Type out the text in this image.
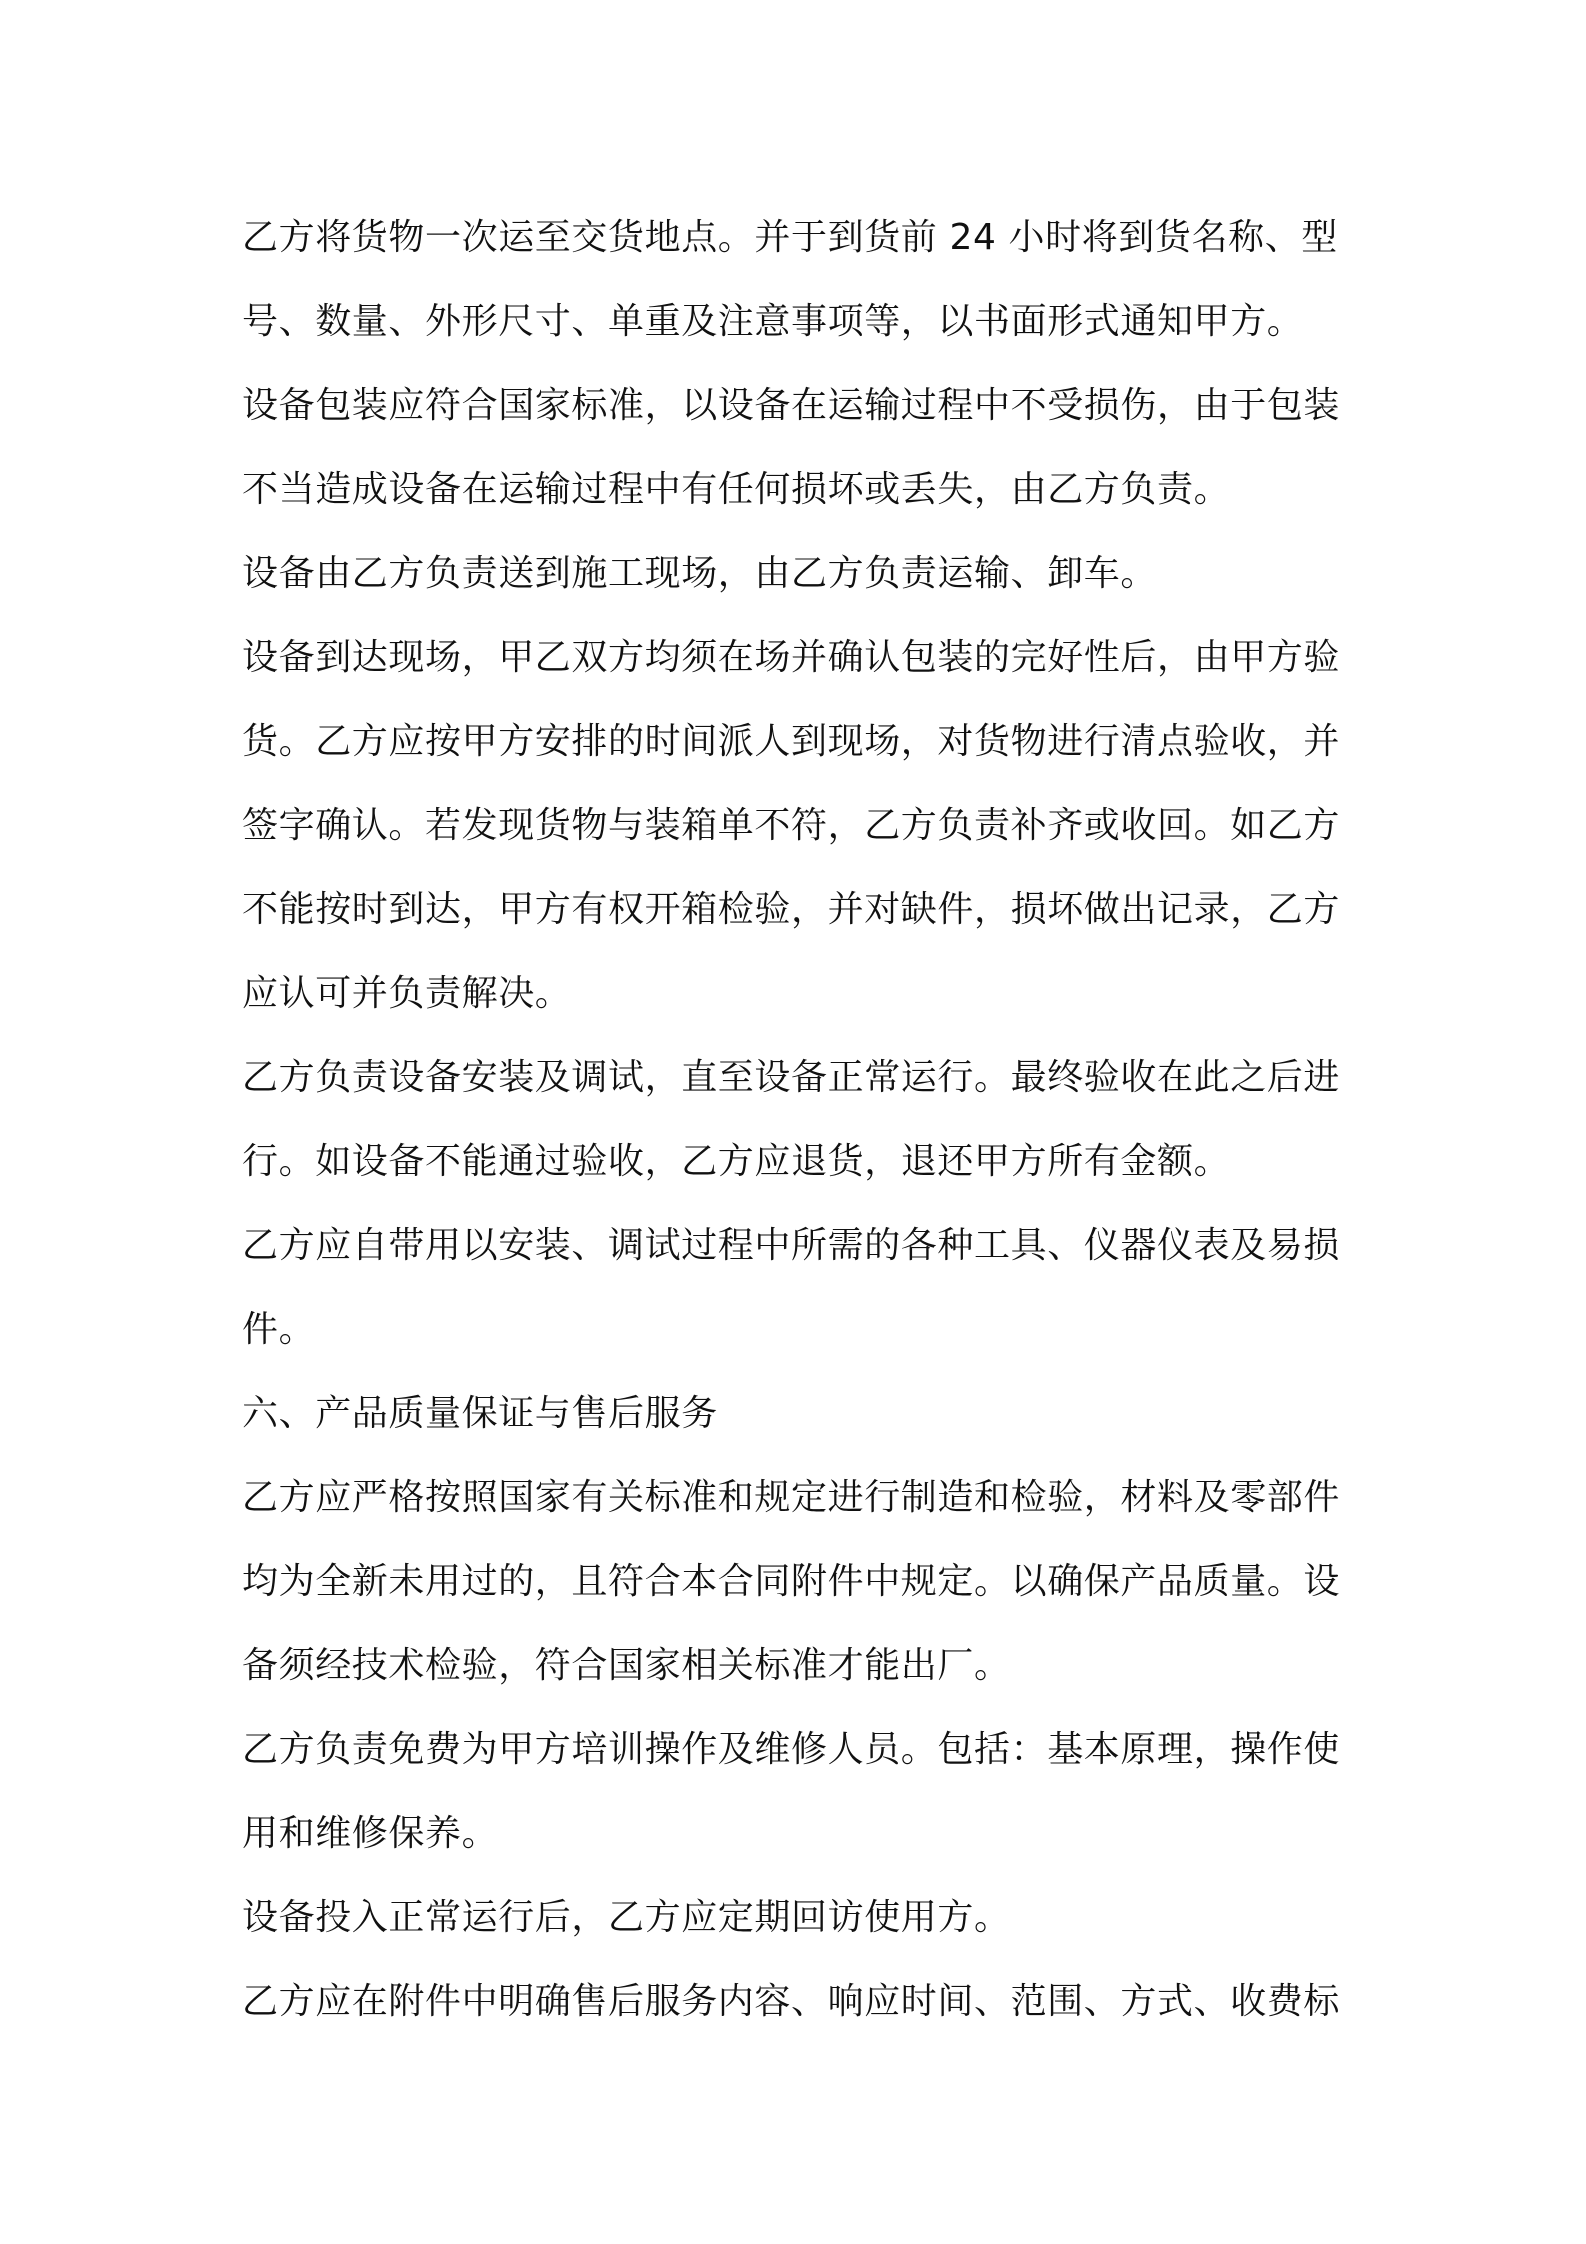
乙方将货物一次运至交货地点。并于到货前 24 小时将到货名称、型
号、数量、外形尺寸、单重及注意事项等，以书面形式通知甲方。
设备包装应符合国家标准，以设备在运输过程中不受损伤，由于包装
不当造成设备在运输过程中有任何损坏或丢失，由乙方负责。
设备由乙方负责送到施工现场，由乙方负责运输、卸车。
设备到达现场，甲乙双方均须在场并确认包装的完好性后，由甲方验
货。乙方应按甲方安排的时间派人到现场，对货物进行清点验收，并
签字确认。若发现货物与装箱单不符，乙方负责补齐或收回。如乙方
不能按时到达，甲方有权开箱检验，并对缺件，损坏做出记录，乙方
应认可并负责解决。
乙方负责设备安装及调试，直至设备正常运行。最终验收在此之后进
行。如设备不能通过验收，乙方应退货，退还甲方所有金额。
乙方应自带用以安装、调试过程中所需的各种工具、仪器仪表及易损
件。
六、产品质量保证与售后服务
乙方应严格按照国家有关标准和规定进行制造和检验，材料及零部件
均为全新未用过的，且符合本合同附件中规定。以确保产品质量。设
备须经技术检验，符合国家相关标准才能出厂。
乙方负责免费为甲方培训操作及维修人员。包括：基本原理，操作使
用和维修保养。
设备投入正常运行后，乙方应定期回访使用方。
乙方应在附件中明确售后服务内容、响应时间、范围、方式、收费标
